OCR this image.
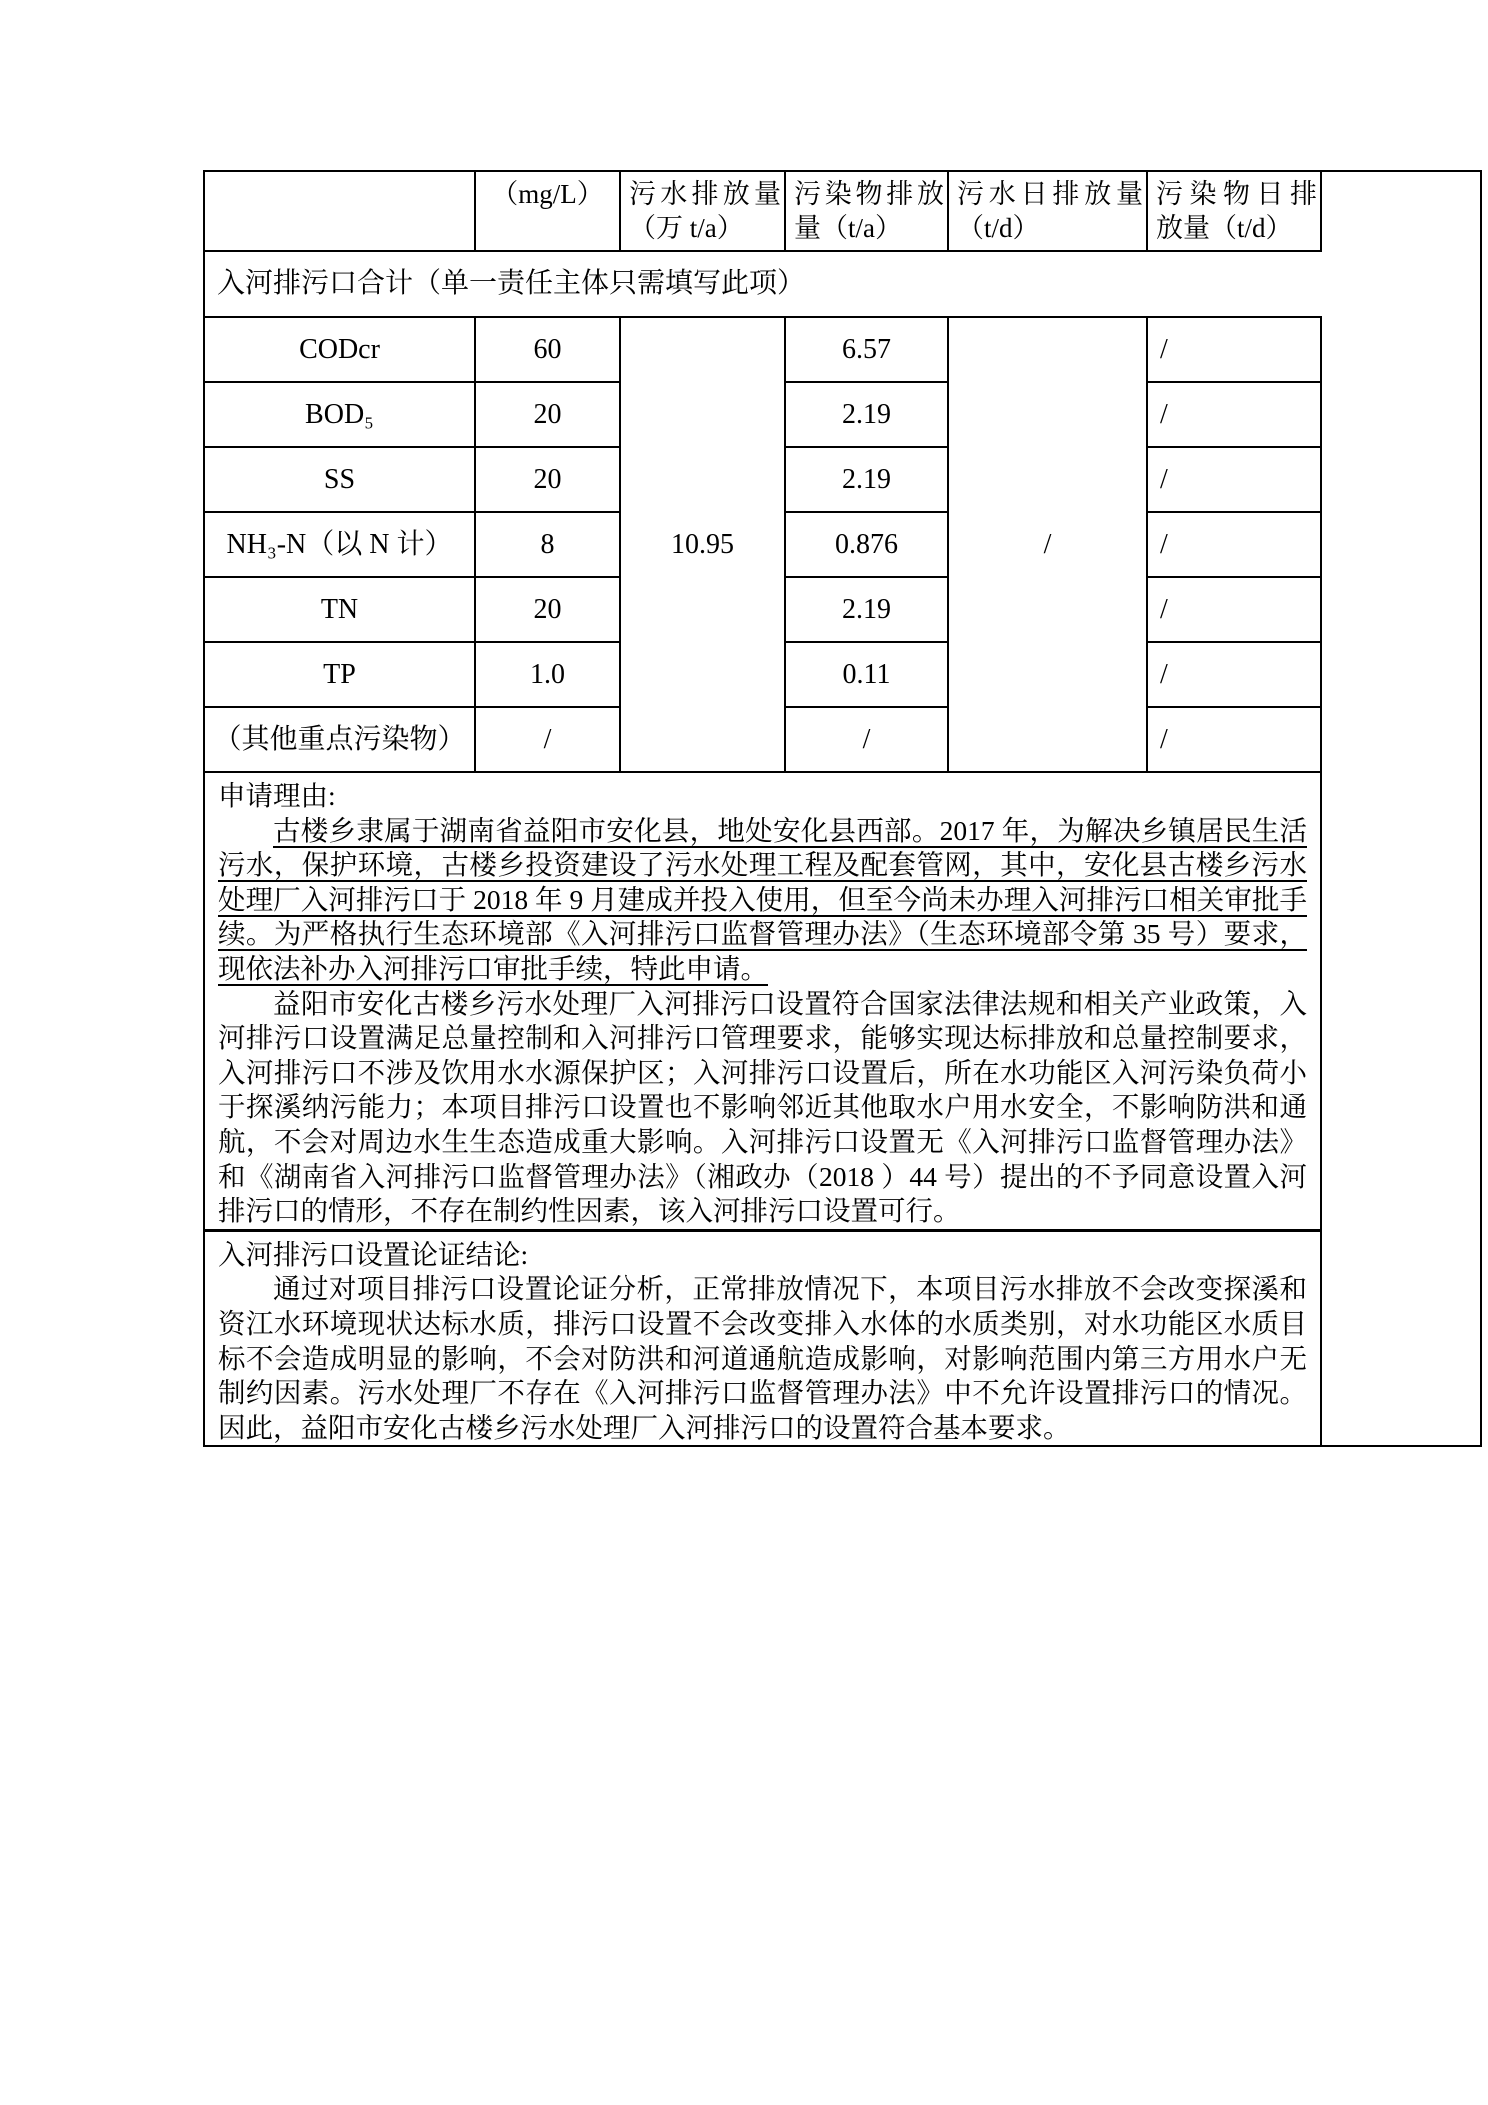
	（mg/L）	污水排放量（万 t/a）	污染物排放量（t/a）	污水日排放量（t/d）	污染物日排放量（t/d）	
入河排污口合计（单一责任主体只需填写此项）						
CODcr	60	10.95	6.57	/	/	
BOD₅	20		2.19		/	
SS	20		2.19		/	
NH₃-N（以 N 计）	8		0.876		/	
TN	20		2.19		/	
TP	1.0		0.11		/	
（其他重点污染物）	/		/		/	

申请理由:

古楼乡隶属于湖南省益阳市安化县，地处安化县西部。2017 年，为解决乡镇居民生活污水，保护环境，古楼乡投资建设了污水处理工程及配套管网，其中，安化县古楼乡污水处理厂入河排污口于 2018 年 9 月建成并投入使用，但至今尚未办理入河排污口相关审批手续。为严格执行生态环境部《入河排污口监督管理办法》（生态环境部令第 35 号）要求，现依法补办入河排污口审批手续，特此申请。

益阳市安化古楼乡污水处理厂入河排污口设置符合国家法律法规和相关产业政策，入河排污口设置满足总量控制和入河排污口管理要求，能够实现达标排放和总量控制要求，入河排污口不涉及饮用水水源保护区；入河排污口设置后，所在水功能区入河污染负荷小于探溪纳污能力；本项目排污口设置也不影响邻近其他取水户用水安全，不影响防洪和通航，不会对周边水生生态造成重大影响。入河排污口设置无《入河排污口监督管理办法》和《湖南省入河排污口监督管理办法》（湘政办（2018 ）44 号）提出的不予同意设置入河排污口的情形，不存在制约性因素，该入河排污口设置可行。						

入河排污口设置论证结论:

通过对项目排污口设置论证分析，正常排放情况下，本项目污水排放不会改变探溪和资江水环境现状达标水质，排污口设置不会改变排入水体的水质类别，对水功能区水质目标不会造成明显的影响，不会对防洪和河道通航造成影响，对影响范围内第三方用水户无制约因素。污水处理厂不存在《入河排污口监督管理办法》中不允许设置排污口的情况。因此，益阳市安化古楼乡污水处理厂入河排污口的设置符合基本要求。						
